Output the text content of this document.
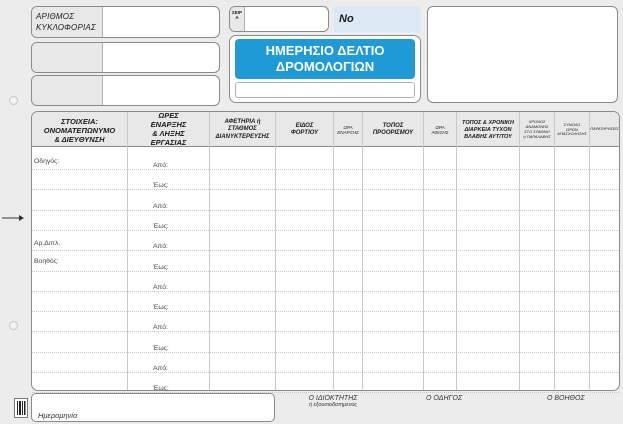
ΑΡΙΘΜΟΣ
ΚΥΚΛΟΦΟΡΙΑΣ
ΣΕΙΡΑ	No
ΗΜΕΡΗΣΙΟ ΔΕΛΤΙΟ
ΔΡΟΜΟΛΟΓΙΩΝ
ΣΤΟΙΧΕΙΑ:
ΟΝΟΜΑΤΕΠΩΝΥΜΟ
& ΔΙΕΥΘΥΝΣΗ
ΩΡΕΣ
ΕΝΑΡΞΗΣ
& ΛΗΞΗΣ
ΕΡΓΑΣΙΑΣ
ΑΦΕΤΗΡΙΑ ή
ΣΤΑΘΜΟΣ
ΔΙΑΝΥΚΤΕΡΕΥΣΗΣ
ΕΙΔΟΣ
ΦΟΡΤΙΟΥ
ΩΡΑ
ΕΝΑΡΞΗΣ
ΤΟΠΟΣ
ΠΡΟΟΡΙΣΜΟΥ
ΩΡΑ
ΑΦΙΞΗΣ
ΤΟΠΟΣ & ΧΡΟΝΙΚΗ
ΔΙΑΡΚΕΙΑ ΤΥΧΟΝ
ΒΛΑΒΗΣ ΑΥΤ/ΤΟΥ
ΧΡΟΝΟΣ
ΑΝΑΜΟΝΗΣ
ΣΤΟ ΣΤΑΘΜΟ
ή ΠΑΡΑΛΑΒΗΣ
ΣΥΝΟΛΟ
ΩΡΩΝ
ΑΠΑΣΧΟΛΗΣΗΣ
ΠΑΡΑΤΗΡΗΣΕΙΣ
Οδηγός:
Αρ.Διπλ.
Βοηθός:
Από:
Έως:
Από:
Έως:
Από:
Έως:
Από:
Έως:
Από:
Έως:
Από:
Έως:
Ημερομηνία
Ο ΙΔΙΟΚΤΗΤΗΣ
ή εξουσιοδοτημένος
Ο ΟΔΗΓΟΣ	Ο ΒΟΗΘΟΣ
